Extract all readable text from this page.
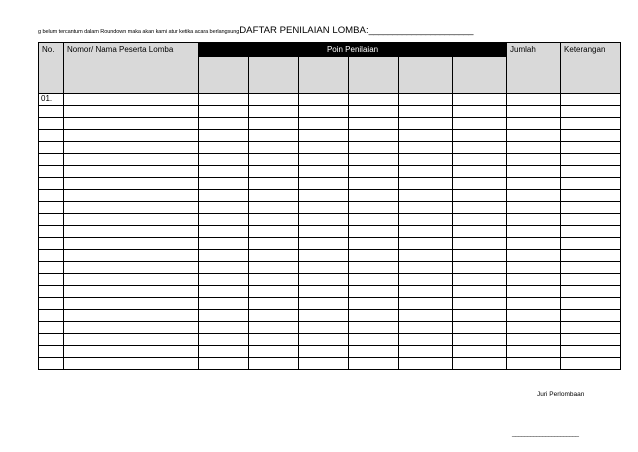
g belum tercantum dalam Roundown maka akan kami atur ketika acara berlangsungDAFTAR PENILAIAN LOMBA:______________________
No.	Nomor/ Nama Peserta Lomba	Poin Penilaian						Jumlah	Keterangan

01.									

Juri Perlombaan
______________________
